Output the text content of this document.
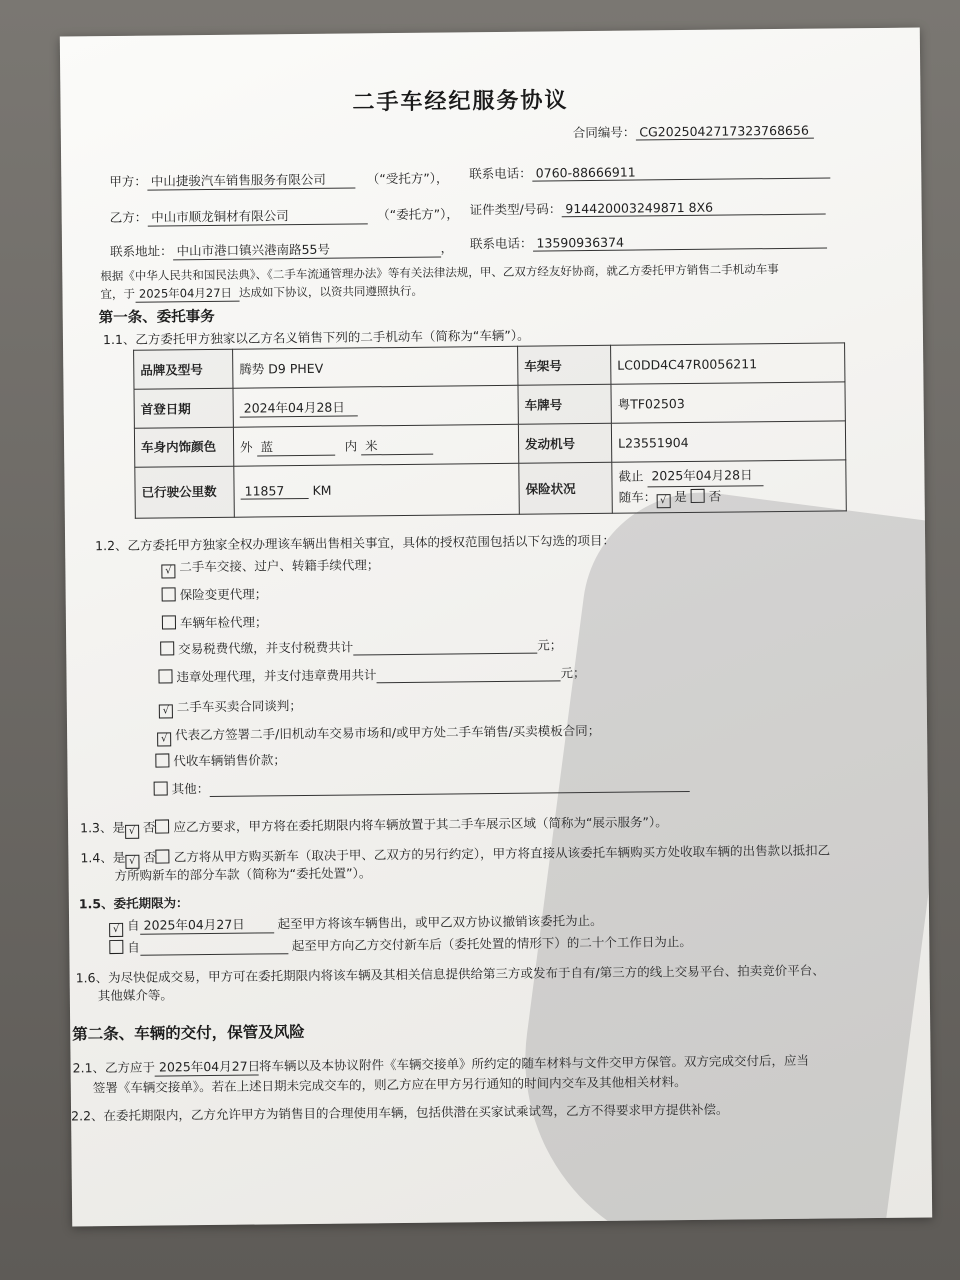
二手车经纪服务协议
合同编号： CG2025042717323768656
甲方： 中山捷骏汽车销售服务有限公司	（“受托方”）， 联系电话： 0760-88666911
乙方： 中山市顺龙铜材有限公司	（“委托方”）， 证件类型/号码： 914420003249871 8X6
联系地址： 中山市港口镇兴港南路55号	， 联系电话： 13590936374
根据《中华人民共和国民法典》、《二手车流通管理办法》等有关法律法规，甲、乙双方经友好协商，就乙方委托甲方销售二手机动车事
宜，于 2025年04月27日 达成如下协议，以资共同遵照执行。
第一条、委托事务
1.1、乙方委托甲方独家以乙方名义销售下列的二手机动车（简称为“车辆”）。
品牌及型号	腾势 D9 PHEV	车架号	LC0DD4C47R0056211
首登日期	2024年04月28日	车牌号	粤TF02503
车身内饰颜色	外 蓝 内 米	发动机号	L23551904
已行驶公里数	11857 KM	保险状况	截止 2025年04月28日
随车： √ 是 否
1.2、乙方委托甲方独家全权办理该车辆出售相关事宜，具体的授权范围包括以下勾选的项目：
√ 二手车交接、过户、转籍手续代理；
保险变更代理；
车辆年检代理；
交易税费代缴，并支付税费共计	元；
违章处理代理，并支付违章费用共计	元；
√ 二手车买卖合同谈判；
√ 代表乙方签署二手/旧机动车交易市场和/或甲方处二手车销售/买卖模板合同；
代收车辆销售价款；
其他：
1.3、是 √ 否 应乙方要求，甲方将在委托期限内将车辆放置于其二手车展示区域（简称为“展示服务”）。
1.4、是 √ 否 乙方将从甲方购买新车（取决于甲、乙双方的另行约定），甲方将直接从该委托车辆购买方处收取车辆的出售款以抵扣乙
方所购新车的部分车款（简称为“委托处置”）。
1.5、委托期限为：
√ 自 2025年04月27日	起至甲方将该车辆售出，或甲乙双方协议撤销该委托为止。
自	起至甲方向乙方交付新车后（委托处置的情形下）的二十个工作日为止。
1.6、为尽快促成交易，甲方可在委托期限内将该车辆及其相关信息提供给第三方或发布于自有/第三方的线上交易平台、拍卖竞价平台、
其他媒介等。
第二条、车辆的交付，保管及风险
2.1、乙方应于 2025年04月27日将车辆以及本协议附件《车辆交接单》所约定的随车材料与文件交甲方保管。双方完成交付后，应当
签署《车辆交接单》。若在上述日期未完成交车的，则乙方应在甲方另行通知的时间内交车及其他相关材料。
2.2、在委托期限内，乙方允许甲方为销售目的合理使用车辆，包括供潜在买家试乘试驾，乙方不得要求甲方提供补偿。
